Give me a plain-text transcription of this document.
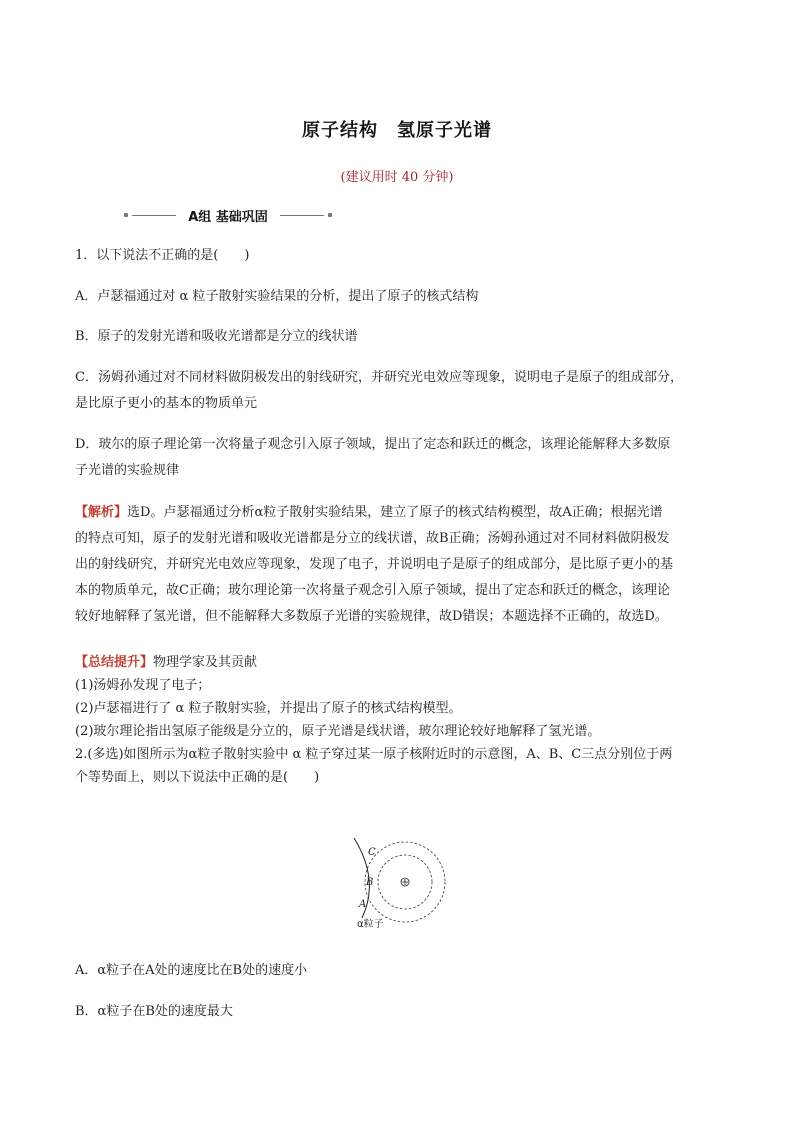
原子结构　氢原子光谱
(建议用时 40 分钟)
A组 基础巩固
1．以下说法不正确的是(　　)
A．卢瑟福通过对 α 粒子散射实验结果的分析，提出了原子的核式结构
B．原子的发射光谱和吸收光谱都是分立的线状谱
C．汤姆孙通过对不同材料做阴极发出的射线研究，并研究光电效应等现象，说明电子是原子的组成部分，
是比原子更小的基本的物质单元
D．玻尔的原子理论第一次将量子观念引入原子领域，提出了定态和跃迁的概念，该理论能解释大多数原
子光谱的实验规律
【解析】选D。卢瑟福通过分析α粒子散射实验结果，建立了原子的核式结构模型，故A正确；根据光谱
的特点可知，原子的发射光谱和吸收光谱都是分立的线状谱，故B正确；汤姆孙通过对不同材料做阴极发
出的射线研究，并研究光电效应等现象，发现了电子，并说明电子是原子的组成部分，是比原子更小的基
本的物质单元，故C正确；玻尔理论第一次将量子观念引入原子领域，提出了定态和跃迁的概念，该理论
较好地解释了氢光谱，但不能解释大多数原子光谱的实验规律，故D错误；本题选择不正确的，故选D。
【总结提升】物理学家及其贡献
(1)汤姆孙发现了电子；
(2)卢瑟福进行了 α 粒子散射实验，并提出了原子的核式结构模型。
(2)玻尔理论指出氢原子能级是分立的，原子光谱是线状谱，玻尔理论较好地解释了氢光谱。
2.(多选)如图所示为α粒子散射实验中 α 粒子穿过某一原子核附近时的示意图，A、B、C三点分别位于两
个等势面上，则以下说法中正确的是(　　)
C
B
A
α粒子
A．α粒子在A处的速度比在B处的速度小
B．α粒子在B处的速度最大
